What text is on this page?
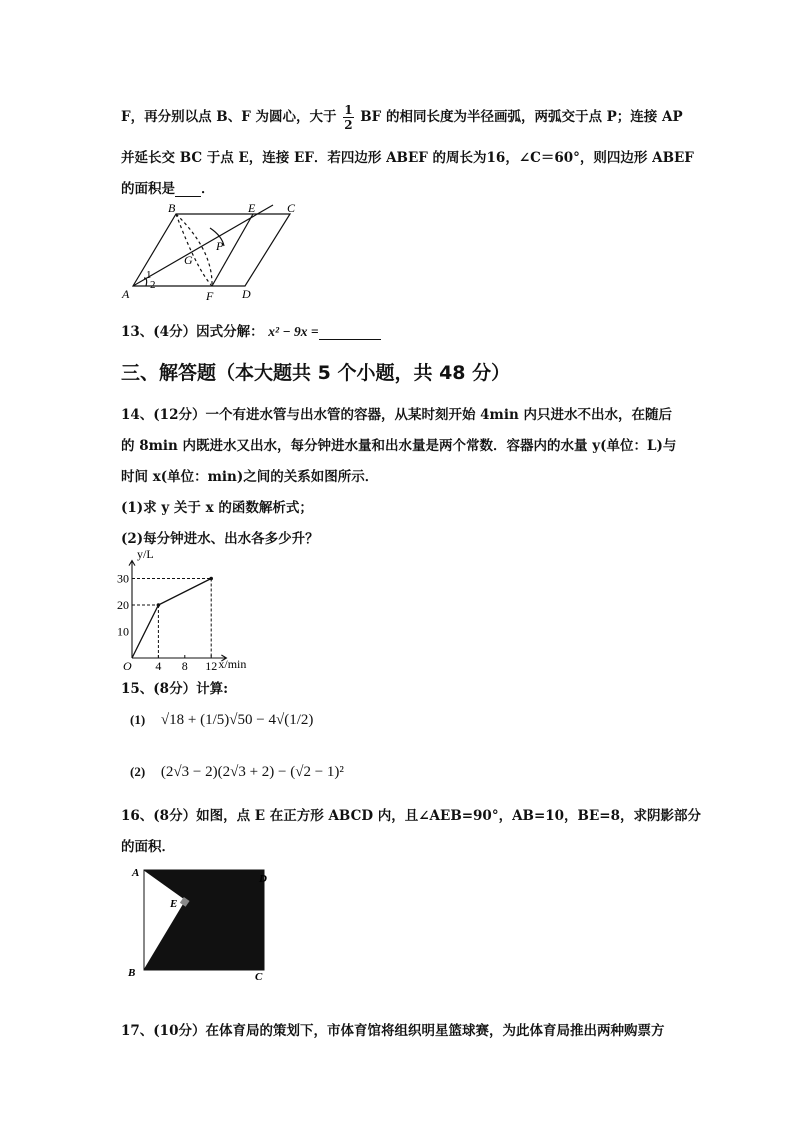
F，再分别以点 B、F 为圆心，大于 $\frac{1}{2}$ BF 的相同长度为半径画弧，两弧交于点 P；连接 AP
并延长交 BC 于点 E，连接 EF．若四边形 ABEF 的周长为16，∠C＝60°，则四边形 ABEF
的面积是 ．
B	E	C
P
G
1
2
A	F D
13、(4分）因式分解： x² − 9x =
三、解答题（本大题共 5 个小题，共 48 分）
14、(12分）一个有进水管与出水管的容器，从某时刻开始 4min 内只进水不出水，在随后
的 8min 内既进水又出水，每分钟进水量和出水量是两个常数．容器内的水量 y(单位：L)与
时间 x(单位：min)之间的关系如图所示．
(1)求 y 关于 x 的函数解析式；
(2)每分钟进水、出水各多少升？
4 8 12
10
20
30
O	x/min
y/L
15、(8分）计算:
(1) √18 + (1/5)√50 − 4√(1/2)
(2) (2√3 − 2)(2√3 + 2) − (√2 − 1)²
16、(8分）如图，点 E 在正方形 ABCD 内，且∠AEB=90°，AB=10，BE=8，求阴影部分
的面积．
A	D
E
B	C
17、(10分）在体育局的策划下，市体育馆将组织明星篮球赛，为此体育局推出两种购票方
